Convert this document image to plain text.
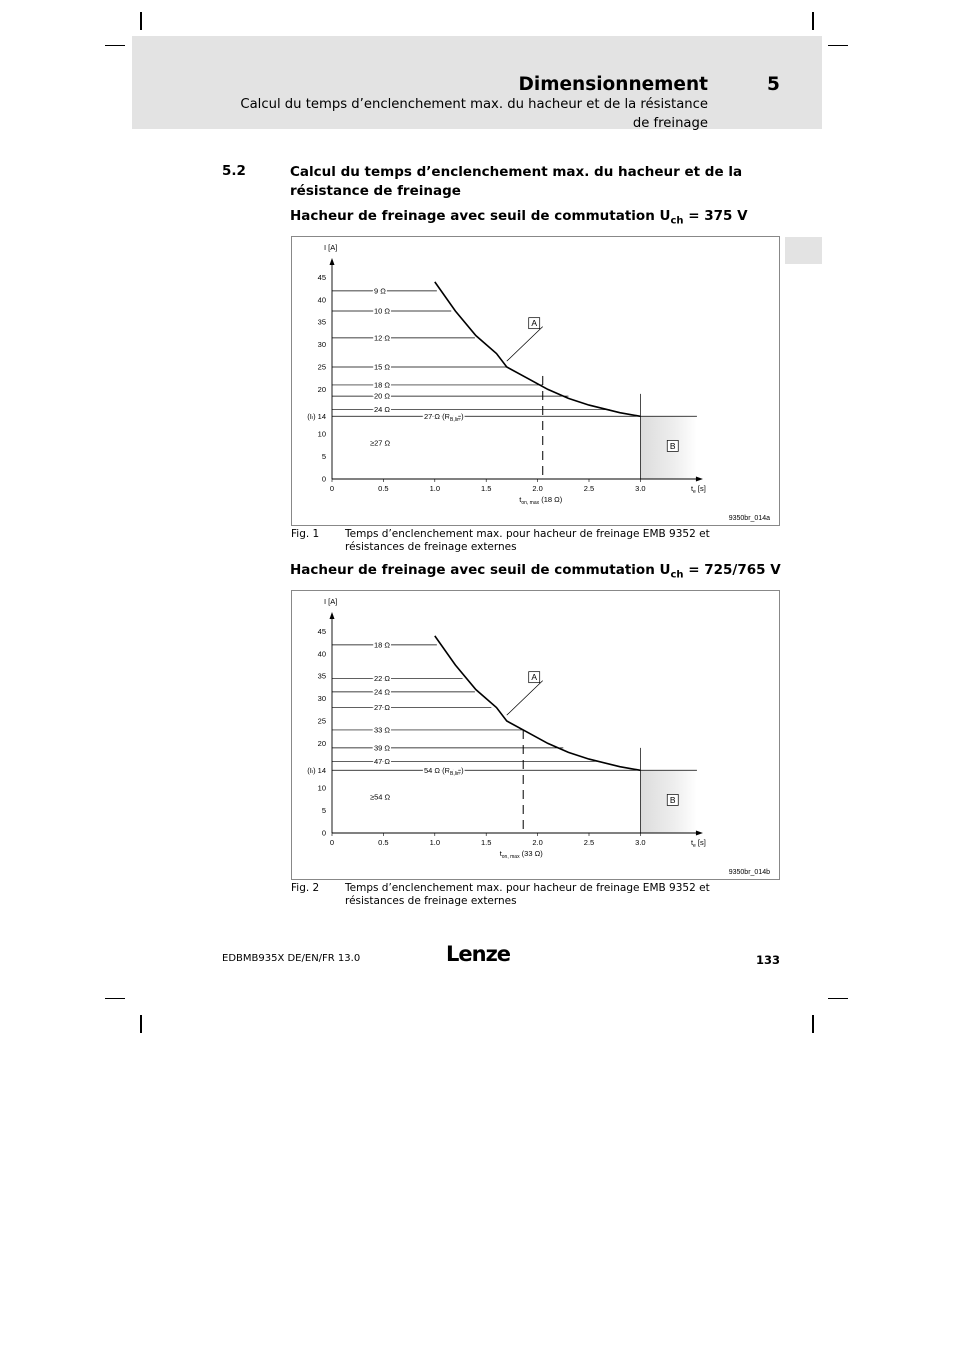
Dimensionnement	5
Calcul du temps d’enclenchement max. du hacheur et de la résistance de freinage
5.2	Calcul du temps d’enclenchement max. du hacheur et de la résistance de freinage
Hacheur de freinage avec seuil de commutation $U_{ch} = 375$ V
I [A]
0
5
10
(Iₗ) 14
20
25
30
35
40
45
0	0.5	1.0	1.5	2.0	2.5	3.0	$t_e$ [s]
9 Ω
10 Ω
12 Ω
15 Ω
18 Ω
20 Ω
24 Ω
27 Ω $(R_{B,lim})$
$t_{on, max}$ (18 Ω)
≥27 Ω
A
B
9350br_014a
Fig. 1 Temps d’enclenchement max. pour hacheur de freinage EMB 9352 et résistances de freinage externes
Hacheur de freinage avec seuil de commutation $U_{ch} = 725/765$ V
I [A]
0
5
10
(Iₗ) 14
20
25
30
35
40
45
0	0.5	1.0	1.5	2.0	2.5	3.0	$t_e$ [s]
18 Ω
22 Ω
24 Ω
27 Ω
33 Ω
39 Ω
47 Ω
54 Ω $(R_{B,lim})$
$t_{on, max}$ (33 Ω)
≥54 Ω
A
B
9350br_014b
Fig. 2 Temps d’enclenchement max. pour hacheur de freinage EMB 9352 et résistances de freinage externes
EDBMB935X DE/EN/FR 13.0	Lenze	133
